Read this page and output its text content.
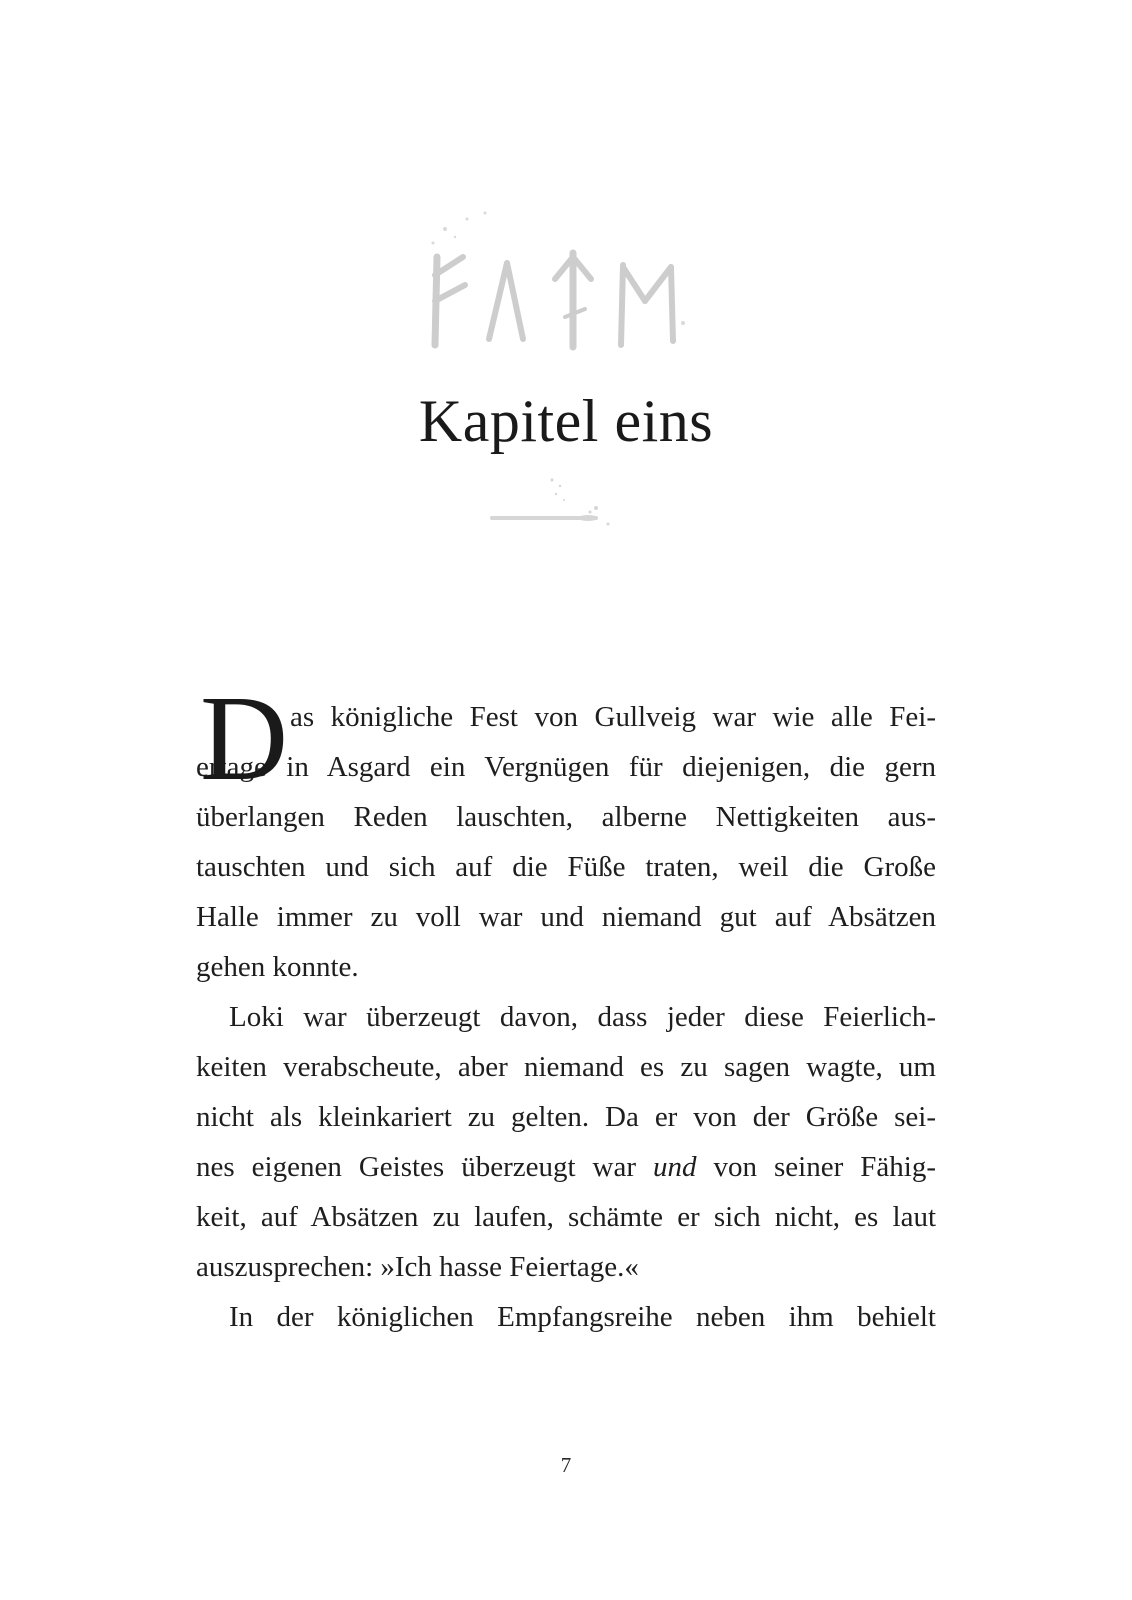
Kapitel eins
D as königliche Fest von Gullveig war wie alle Fei-
ertage in Asgard ein Vergnügen für diejenigen, die gern
überlangen Reden lauschten, alberne Nettigkeiten aus-
tauschten und sich auf die Füße traten, weil die Große
Halle immer zu voll war und niemand gut auf Absätzen
gehen konnte.
Loki war überzeugt davon, dass jeder diese Feierlich-
keiten verabscheute, aber niemand es zu sagen wagte, um
nicht als kleinkariert zu gelten. Da er von der Größe sei-
nes eigenen Geistes überzeugt war und von seiner Fähig-
keit, auf Absätzen zu laufen, schämte er sich nicht, es laut
auszusprechen: »Ich hasse Feiertage.«
In der königlichen Empfangsreihe neben ihm behielt
7
